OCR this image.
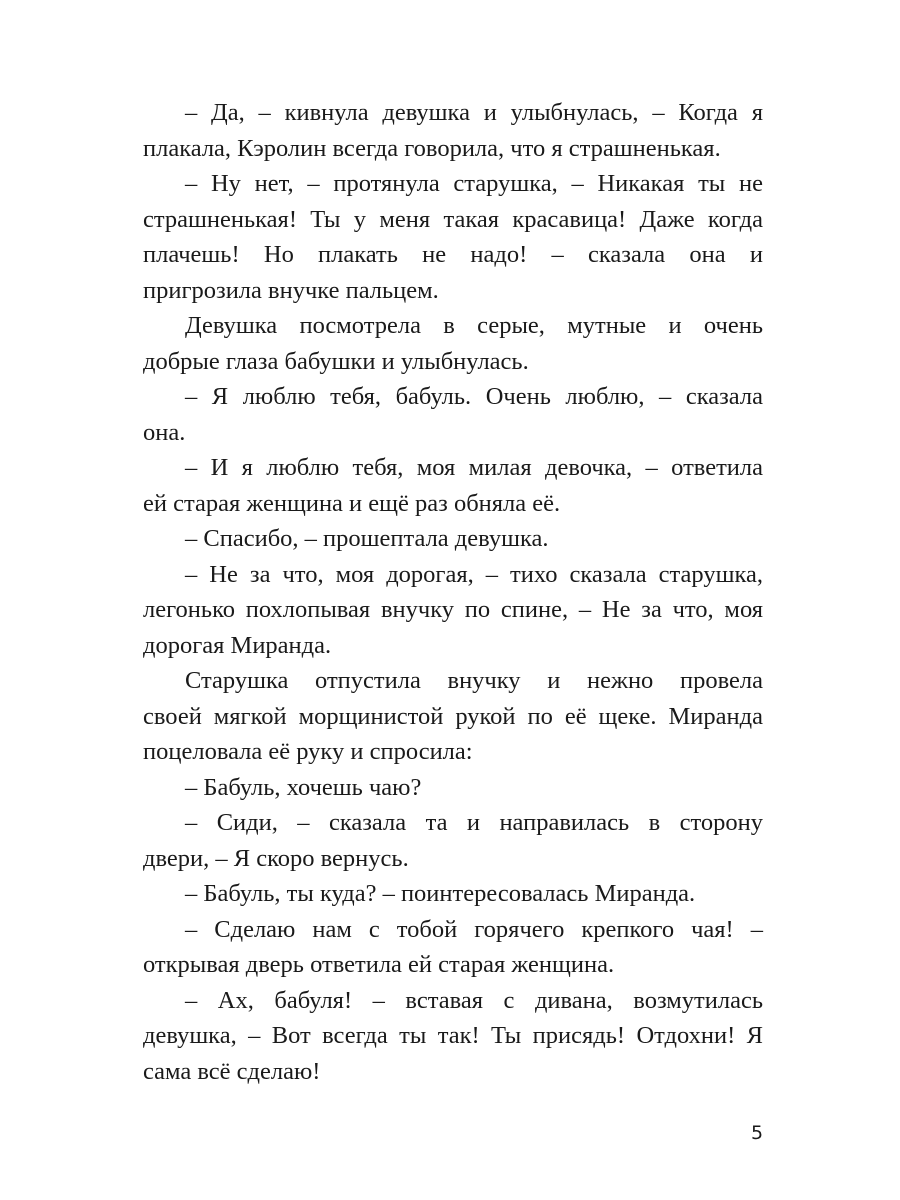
– Да, – кивнула девушка и улыбнулась, – Когда я
плакала, Кэролин всегда говорила, что я страшненькая.
– Ну нет, – протянула старушка, – Никакая ты не
страшненькая! Ты у меня такая красавица! Даже когда
плачешь! Но плакать не надо! – сказала она и
пригрозила внучке пальцем.
Девушка посмотрела в серые, мутные и очень
добрые глаза бабушки и улыбнулась.
– Я люблю тебя, бабуль. Очень люблю, – сказала
она.
– И я люблю тебя, моя милая девочка, – ответила
ей старая женщина и ещё раз обняла её.
– Спасибо, – прошептала девушка.
– Не за что, моя дорогая, – тихо сказала старушка,
легонько похлопывая внучку по спине, – Не за что, моя
дорогая Миранда.
Старушка отпустила внучку и нежно провела
своей мягкой морщинистой рукой по её щеке. Миранда
поцеловала её руку и спросила:
– Бабуль, хочешь чаю?
– Сиди, – сказала та и направилась в сторону
двери, – Я скоро вернусь.
– Бабуль, ты куда? – поинтересовалась Миранда.
– Сделаю нам с тобой горячего крепкого чая! –
открывая дверь ответила ей старая женщина.
– Ах, бабуля! – вставая с дивана, возмутилась
девушка, – Вот всегда ты так! Ты присядь! Отдохни! Я
сама всё сделаю!
5
